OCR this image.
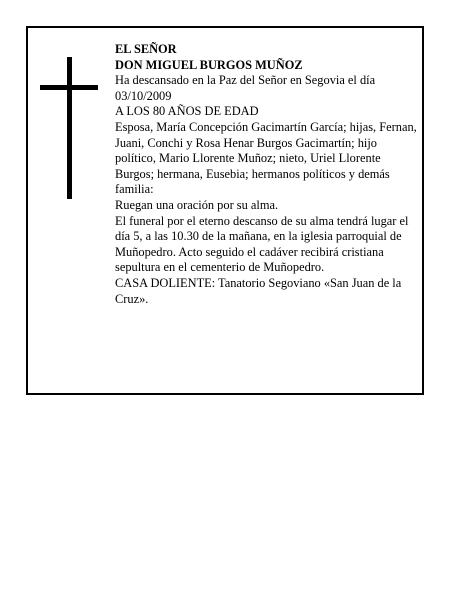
EL SEÑOR

DON MIGUEL BURGOS MUÑOZ

Ha descansado en la Paz del Señor en Segovia el día 03/10/2009

A LOS 80 AÑOS DE EDAD

Esposa, María Concepción Gacimartín García; hijas, Fernan, Juani, Conchi y Rosa Henar Burgos Gacimartín; hijo político, Mario Llorente Muñoz; nieto, Uriel Llorente Burgos; hermana, Eusebia; hermanos políticos y demás familia:

Ruegan una oración por su alma.

El funeral por el eterno descanso de su alma tendrá lugar el día 5, a las 10.30 de la mañana, en la iglesia parroquial de Muñopedro. Acto seguido el cadáver recibirá cristiana sepultura en el cementerio de Muñopedro.

CASA DOLIENTE: Tanatorio Segoviano «San Juan de la Cruz».
